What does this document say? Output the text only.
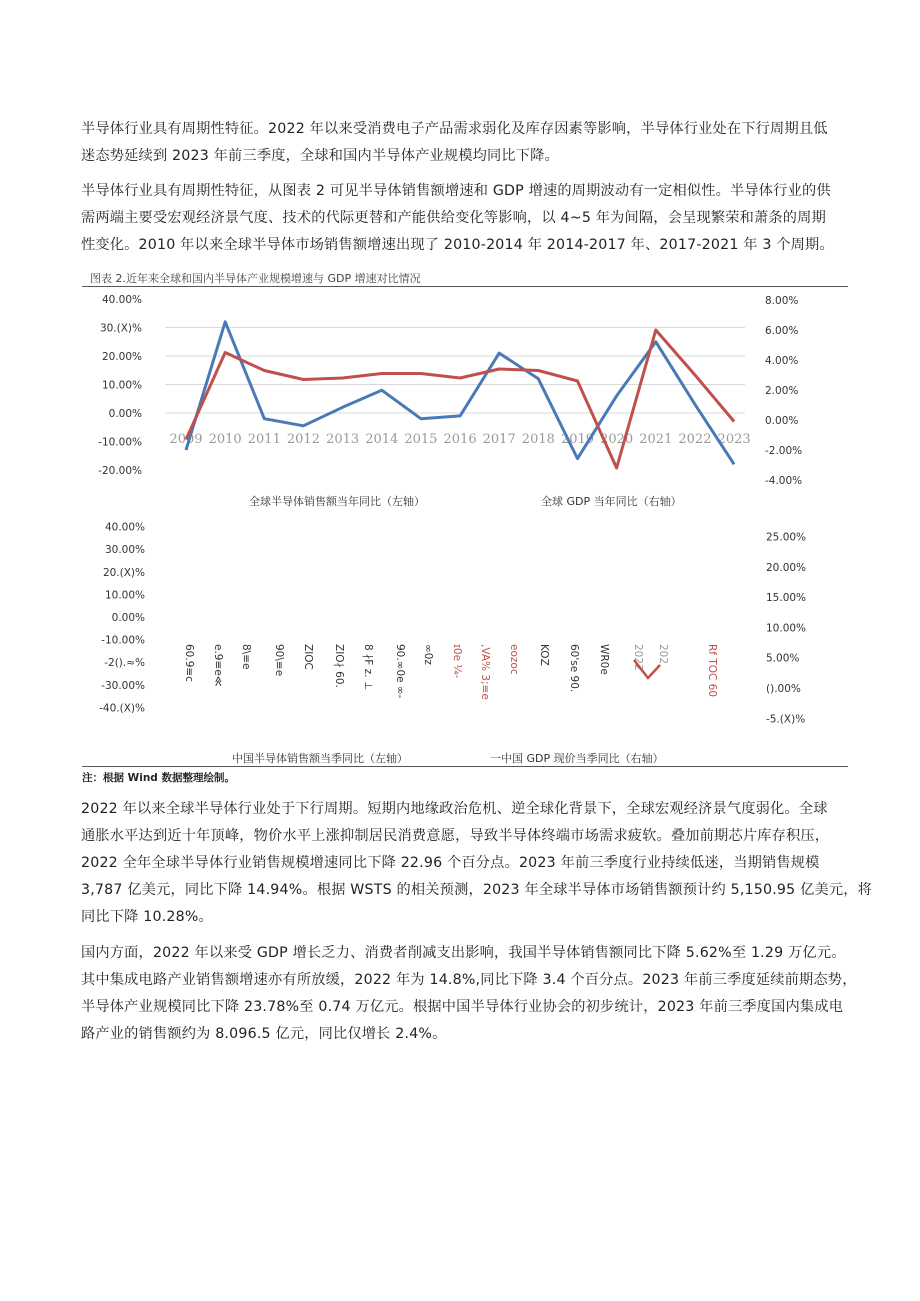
半导体行业具有周期性特征。2022 年以来受消费电子产品需求弱化及库存因素等影响，半导体行业处在下行周期且低
迷态势延续到 2023 年前三季度，全球和国内半导体产业规模均同比下降。

半导体行业具有周期性特征，从图表 2 可见半导体销售额增速和 GDP 增速的周期波动有一定相似性。半导体行业的供
需两端主要受宏观经济景气度、技术的代际更替和产能供给变化等影响，以 4~5 年为间隔，会呈现繁荣和萧条的周期
性变化。2010 年以来全球半导体市场销售额增速出现了 2010-2014 年 2014-2017 年、2017-2021 年 3 个周期。

图表 2.近年来全球和国内半导体产业规模增速与 GDP 增速对比情况
40.00%
30.(X)%
20.00%
10.00%
0.00%
-10.00%
-20.00%
8.00%
6.00%
4.00%
2.00%
0.00%
-2.00%
-4.00%
2009 2010 2011 2012 2013 2014 2015 2016 2017 2018 2019 2020 2021 2022 2023
全球半导体销售额当年同比（左轴）	全球 GDP 当年同比（右轴）
40.00%
30.00%
20.(X)%
10.00%
0.00%
-10.00%
-2().≈%
-30.00%
-40.(X)%
25.00%
20.00%
15.00%
10.00%
5.00%
().00%
-5.(X)%
60.9≡c e.9≡e≪ 8\≡e 90\≡e ZIOC ZIO∤ 60. 8 ∤F z. ⊥ 90.∞0e ∞- ∞0z ɪ0e ¼- ,VA% 3;≡e eozoc KOZ 60'se 90. WR0e 2022 202	Rf TOC 60
中国半导体销售额当季同比（左轴）	一中国 GDP 现价当季同比（右轴）
注：根据 Wind 数据整理绘制。

2022 年以来全球半导体行业处于下行周期。短期内地缘政治危机、逆全球化背景下，全球宏观经济景气度弱化。全球
通胀水平达到近十年顶峰，物价水平上涨抑制居民消费意愿，导致半导体终端市场需求疲软。叠加前期芯片库存积压，
2022 全年全球半导体行业销售规模增速同比下降 22.96 个百分点。2023 年前三季度行业持续低迷，当期销售规模
3,787 亿美元，同比下降 14.94%。根据 WSTS 的相关预测，2023 年全球半导体市场销售额预计约 5,150.95 亿美元，将
同比下降 10.28%。

国内方面，2022 年以来受 GDP 增长乏力、消费者削减支出影响，我国半导体销售额同比下降 5.62%至 1.29 万亿元。
其中集成电路产业销售额增速亦有所放缓，2022 年为 14.8%,同比下降 3.4 个百分点。2023 年前三季度延续前期态势，
半导体产业规模同比下降 23.78%至 0.74 万亿元。根据中国半导体行业协会的初步统计，2023 年前三季度国内集成电
路产业的销售额约为 8.096.5 亿元，同比仅增长 2.4%。
